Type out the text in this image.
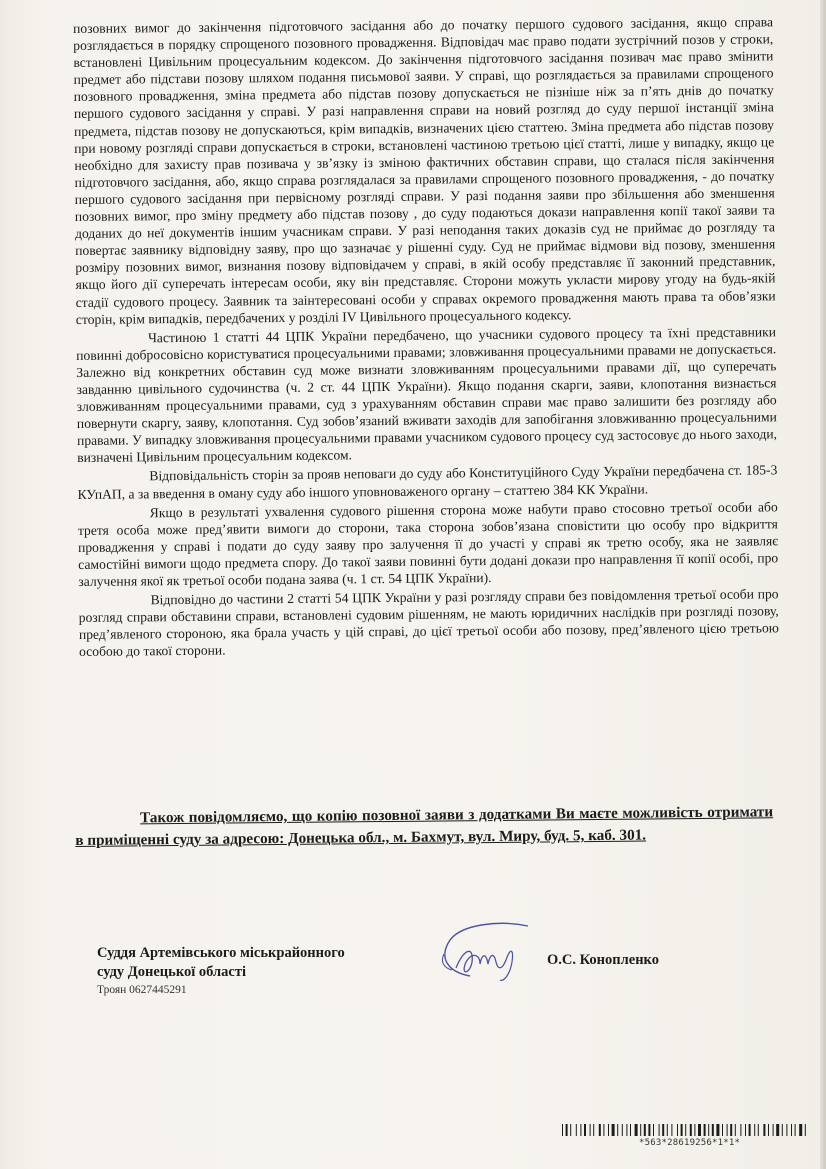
позовних вимог до закінчення підготовчого засідання або до початку першого судового засідання, якщо справа розглядається в порядку спрощеного позовного провадження. Відповідач має право подати зустрічний позов у строки, встановлені Цивільним процесуальним кодексом. До закінчення підготовчого засідання позивач має право змінити предмет або підстави позову шляхом подання письмової заяви. У справі, що розглядається за правилами спрощеного позовного провадження, зміна предмета або підстав позову допускається не пізніше ніж за п’ять днів до початку першого судового засідання у справі. У разі направлення справи на новий розгляд до суду першої інстанції зміна предмета, підстав позову не допускаються, крім випадків, визначених цією статтею. Зміна предмета або підстав позову при новому розгляді справи допускається в строки, встановлені частиною третьою цієї статті, лише у випадку, якщо це необхідно для захисту прав позивача у зв’язку із зміною фактичних обставин справи, що сталася після закінчення підготовчого засідання, або, якщо справа розглядалася за правилами спрощеного позовного провадження, - до початку першого судового засідання при первісному розгляді справи. У разі подання заяви про збільшення або зменшення позовних вимог, про зміну предмету або підстав позову , до суду подаються докази направлення копії такої заяви та доданих до неї документів іншим учасникам справи. У разі неподання таких доказів суд не приймає до розгляду та повертає заявнику відповідну заяву, про що зазначає у рішенні суду. Суд не приймає відмови від позову, зменшення розміру позовних вимог, визнання позову відповідачем у справі, в якій особу представляє її законний представник, якщо його дії суперечать інтересам особи, яку він представляє. Сторони можуть укласти мирову угоду на будь-якій стадії судового процесу. Заявник та заінтересовані особи у справах окремого провадження мають права та обов’язки сторін, крім випадків, передбачених у розділі IV Цивільного процесуального кодексу.

Частиною 1 статті 44 ЦПК України передбачено, що учасники судового процесу та їхні представники повинні добросовісно користуватися процесуальними правами; зловживання процесуальними правами не допускається. Залежно від конкретних обставин суд може визнати зловживанням процесуальними правами дії, що суперечать завданню цивільного судочинства (ч. 2 ст. 44 ЦПК України). Якщо подання скарги, заяви, клопотання визнається зловживанням процесуальними правами, суд з урахуванням обставин справи має право залишити без розгляду або повернути скаргу, заяву, клопотання. Суд зобов’язаний вживати заходів для запобігання зловживанню процесуальними правами. У випадку зловживання процесуальними правами учасником судового процесу суд застосовує до нього заходи, визначені Цивільним процесуальним кодексом.

Відповідальність сторін за прояв неповаги до суду або Конституційного Суду України передбачена ст. 185-3 КУпАП, а за введення в оману суду або іншого уповноваженого органу – статтею 384 КК України.

Якщо в результаті ухвалення судового рішення сторона може набути право стосовно третьої особи або третя особа може пред’явити вимоги до сторони, така сторона зобов’язана сповістити цю особу про відкриття провадження у справі і подати до суду заяву про залучення її до участі у справі як третю особу, яка не заявляє самостійні вимоги щодо предмета спору. До такої заяви повинні бути додані докази про направлення її копії особі, про залучення якої як третьої особи подана заява (ч. 1 ст. 54 ЦПК України).

Відповідно до частини 2 статті 54 ЦПК України у разі розгляду справи без повідомлення третьої особи про розгляд справи обставини справи, встановлені судовим рішенням, не мають юридичних наслідків при розгляді позову, пред’явленого стороною, яка брала участь у цій справі, до цієї третьої особи або позову, пред’явленого цією третьою особою до такої сторони.

Також повідомляємо, що копію позовної заяви з додатками Ви маєте можливість отримати в приміщенні суду за адресою: Донецька обл., м. Бахмут, вул. Миру, буд. 5, каб. 301.

Суддя Артемівського міськрайонного

суду Донецької області

Троян 0627445291

О.С. Конопленко
*563*28619256*1*1*
